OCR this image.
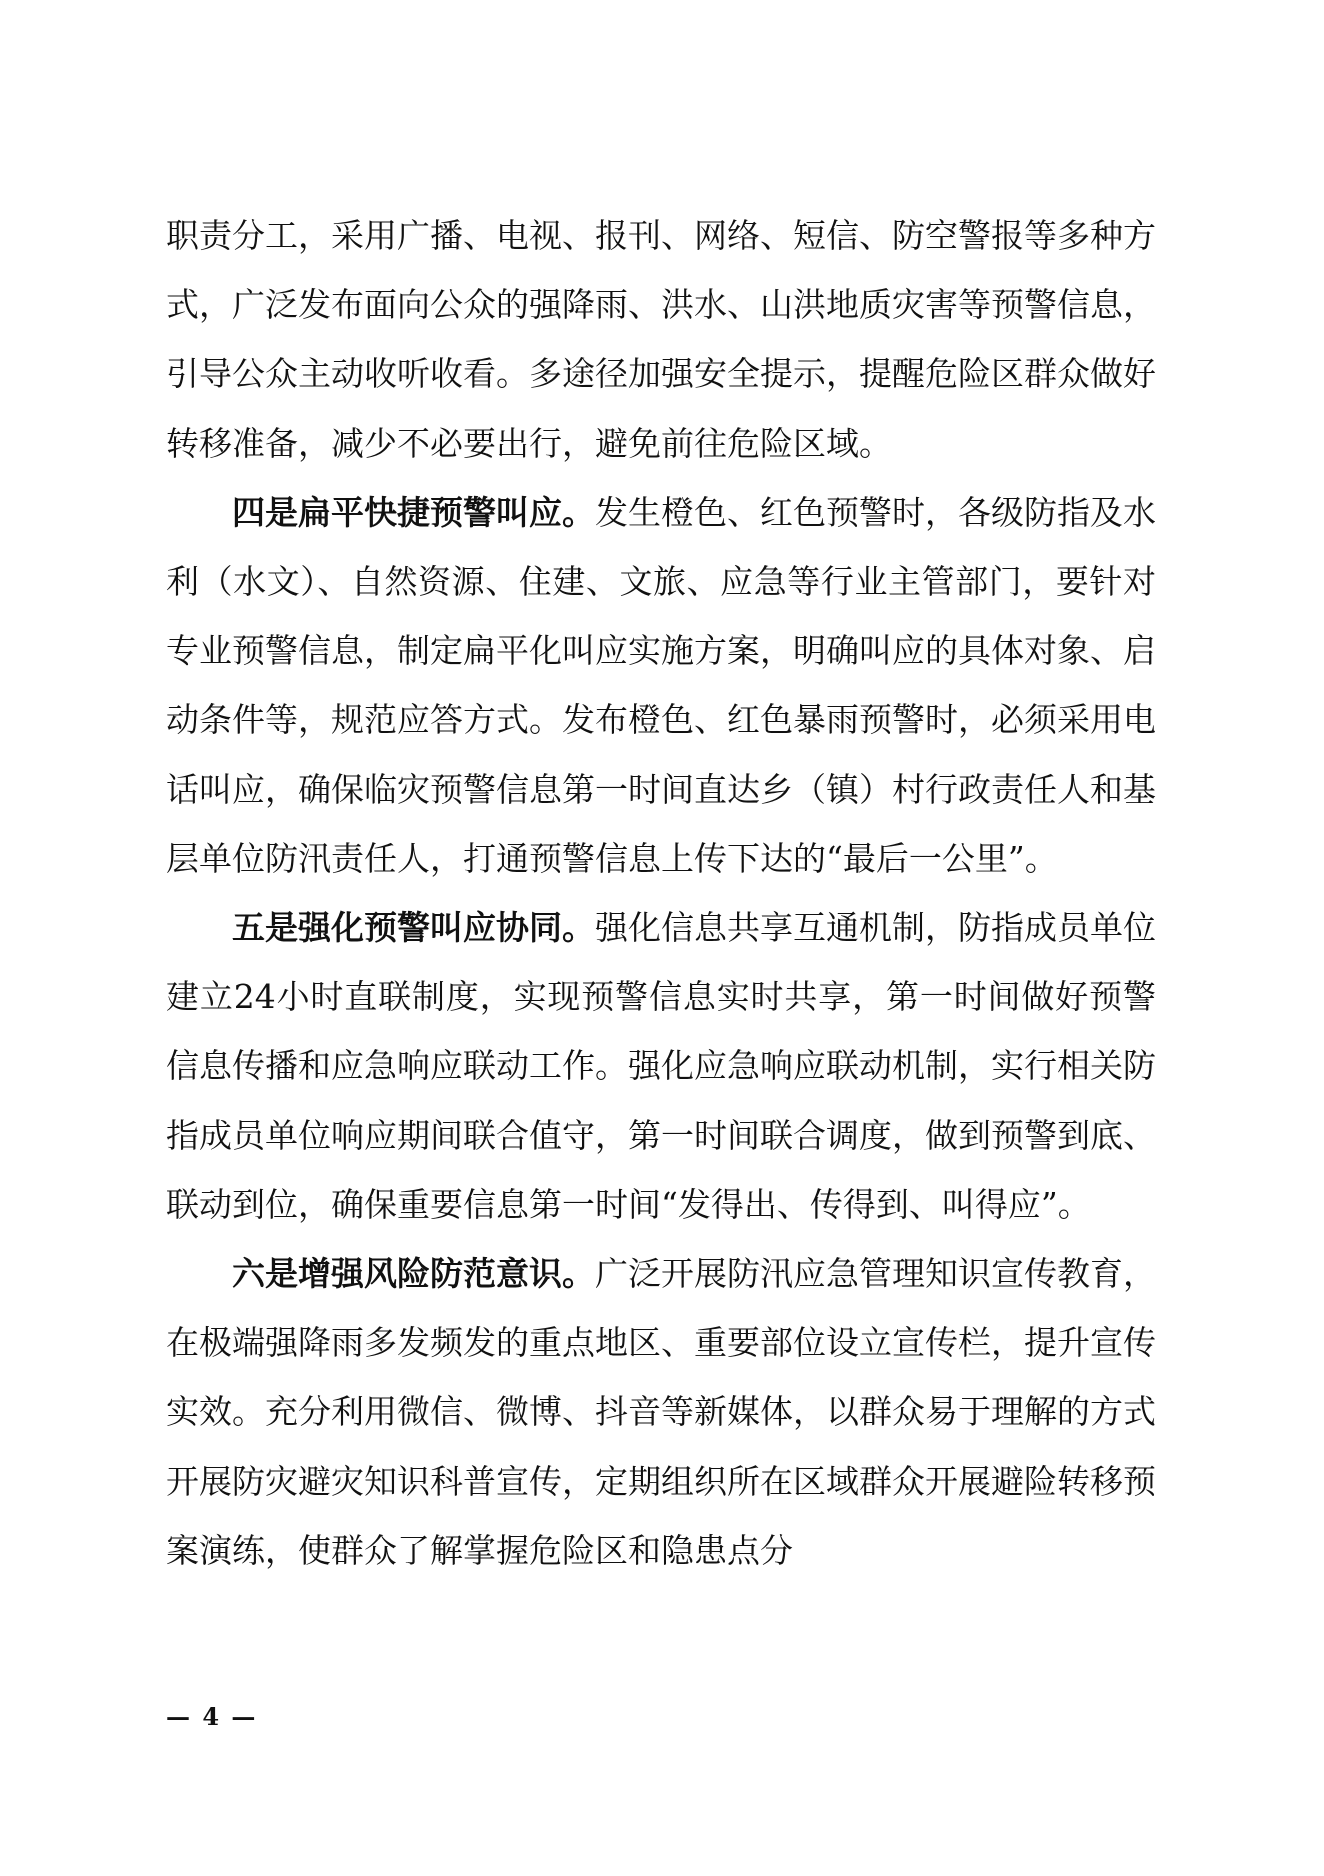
职责分工，采用广播、电视、报刊、网络、短信、防空警报等多种方式，广泛发布面向公众的强降雨、洪水、山洪地质灾害等预警信息，引导公众主动收听收看。多途径加强安全提示，提醒危险区群众做好转移准备，减少不必要出行，避免前往危险区域。

四是扁平快捷预警叫应。发生橙色、红色预警时，各级防指及水利（水文）、自然资源、住建、文旅、应急等行业主管部门，要针对专业预警信息，制定扁平化叫应实施方案，明确叫应的具体对象、启动条件等，规范应答方式。发布橙色、红色暴雨预警时，必须采用电话叫应，确保临灾预警信息第一时间直达乡（镇）村行政责任人和基层单位防汛责任人，打通预警信息上传下达的“最后一公里”。

五是强化预警叫应协同。强化信息共享互通机制，防指成员单位建立24小时直联制度，实现预警信息实时共享，第一时间做好预警信息传播和应急响应联动工作。强化应急响应联动机制，实行相关防指成员单位响应期间联合值守，第一时间联合调度，做到预警到底、联动到位，确保重要信息第一时间“发得出、传得到、叫得应”。

六是增强风险防范意识。广泛开展防汛应急管理知识宣传教育，在极端强降雨多发频发的重点地区、重要部位设立宣传栏，提升宣传实效。充分利用微信、微博、抖音等新媒体，以群众易于理解的方式开展防灾避灾知识科普宣传，定期组织所在区域群众开展避险转移预案演练，使群众了解掌握危险区和隐患点分

— 4 —
